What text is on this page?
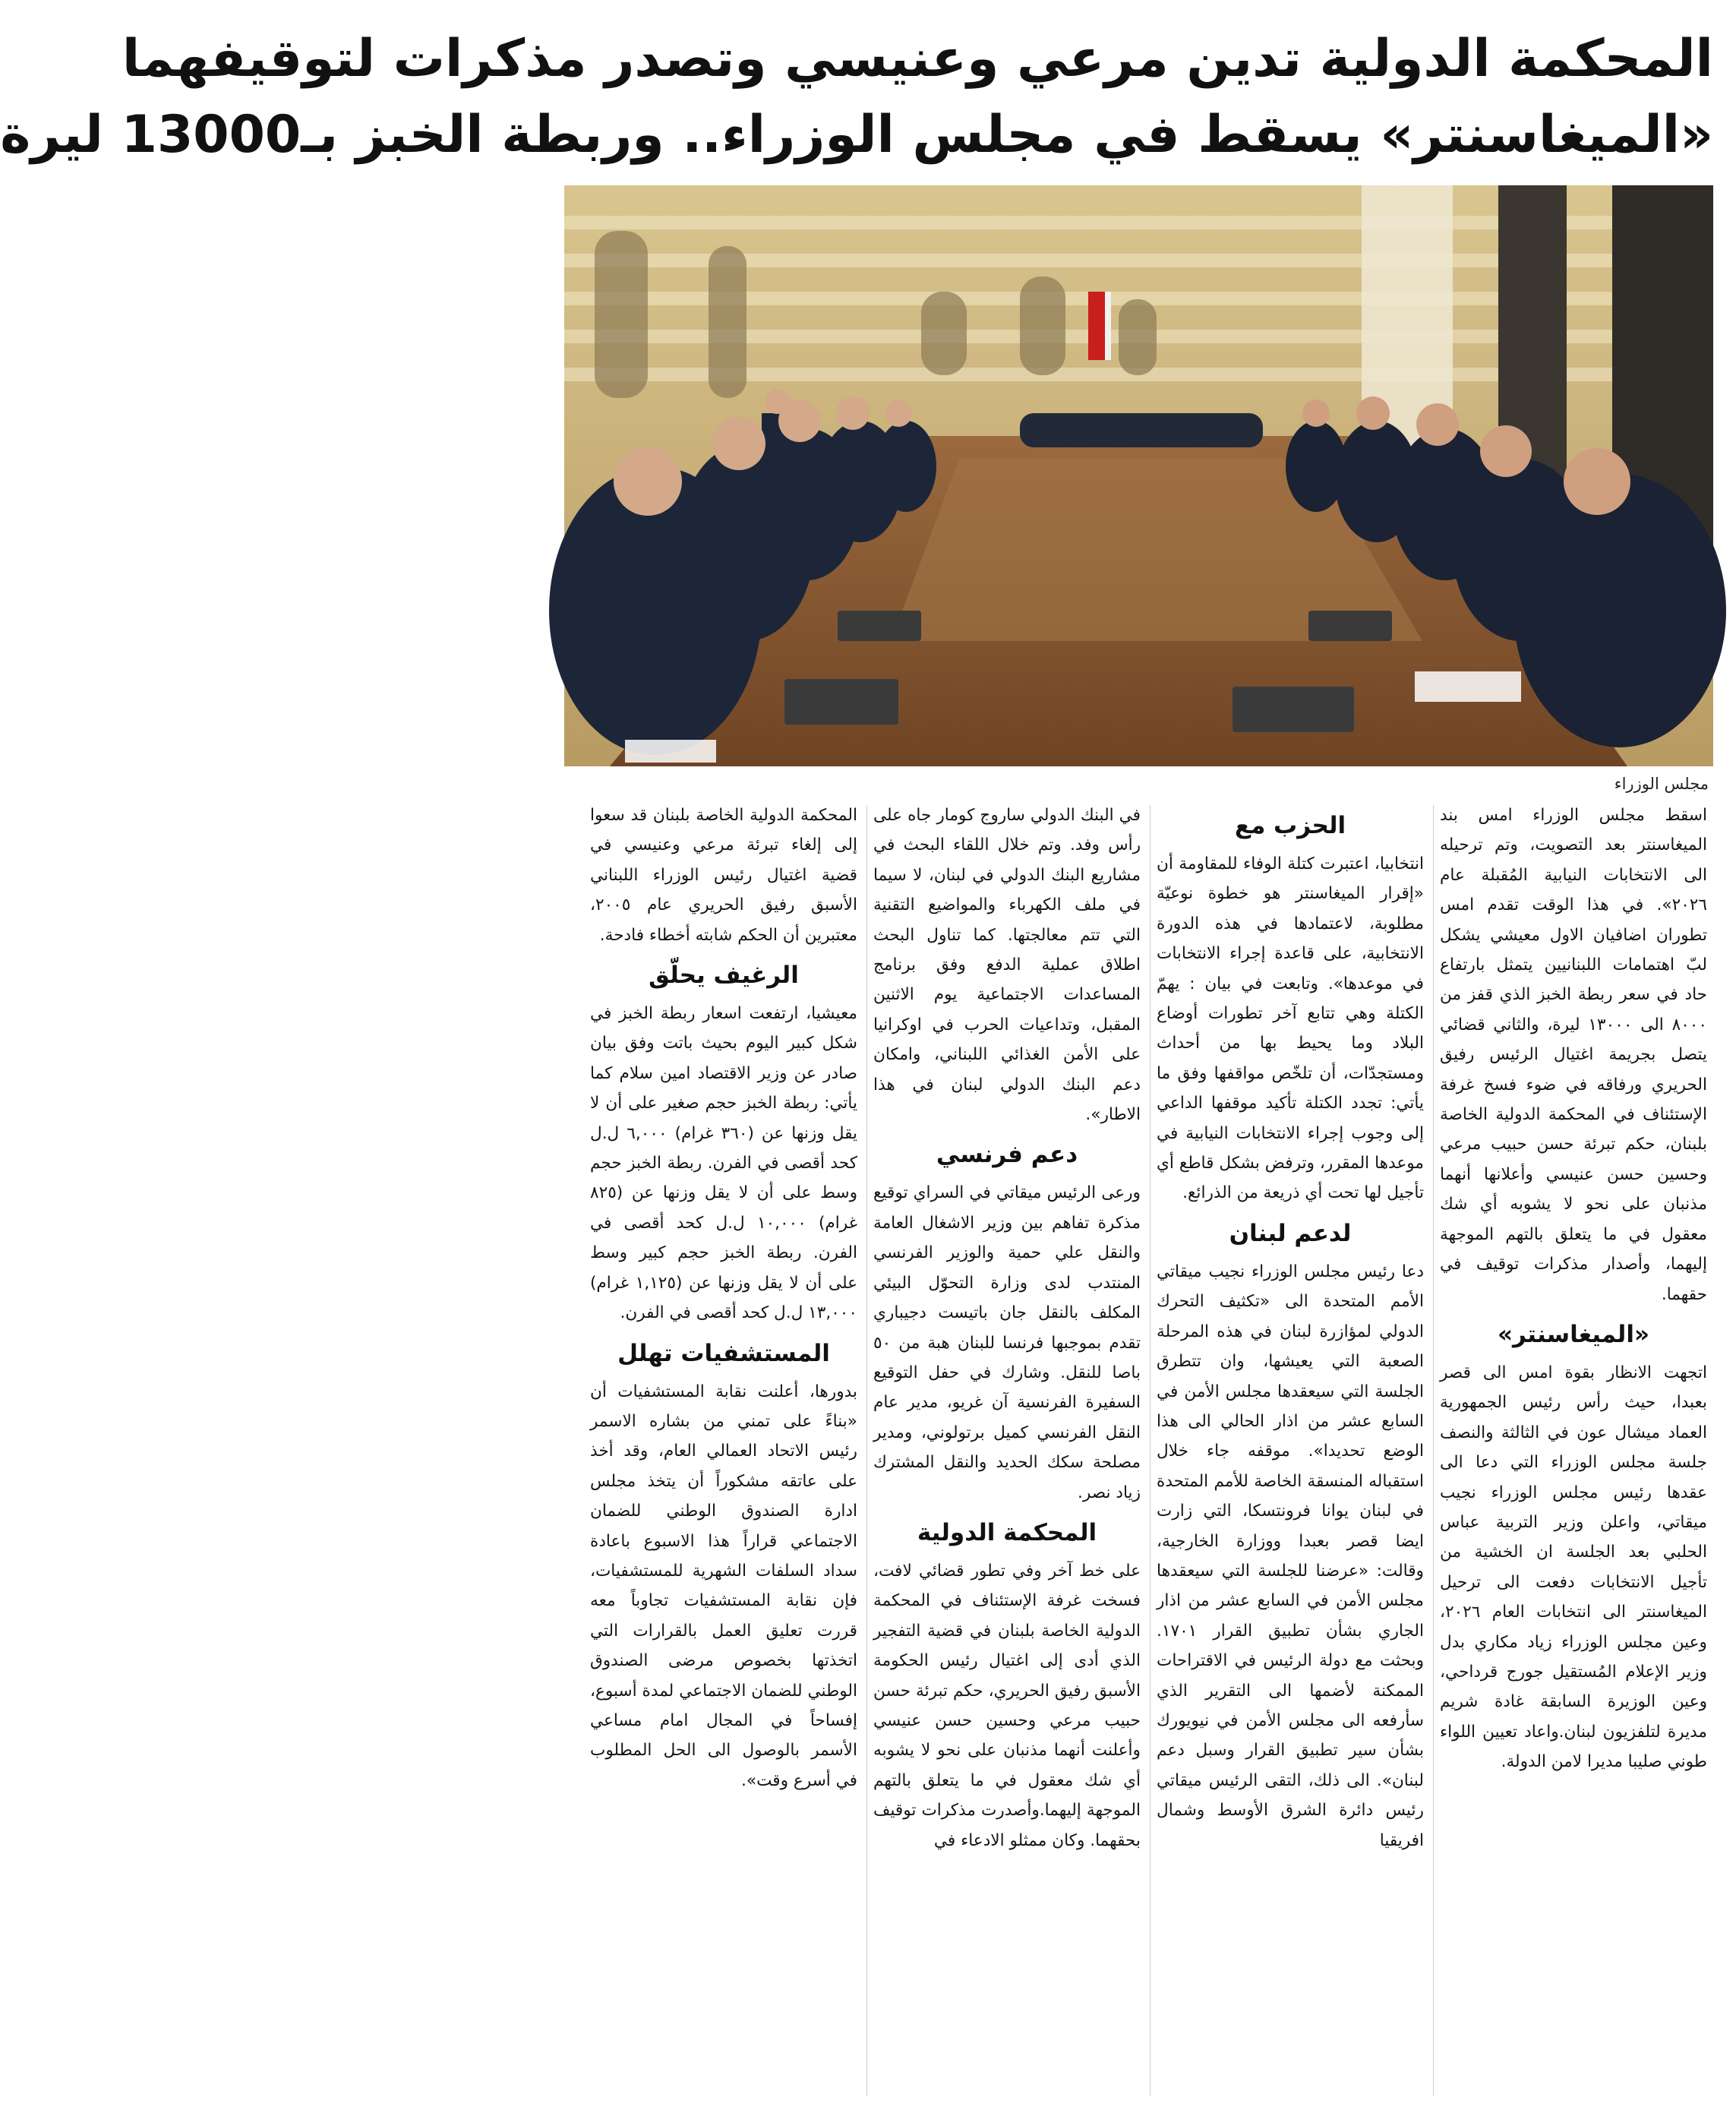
المحكمة الدولية تدين مرعي وعنيسي وتصدر مذكرات لتوقيفهما
«الميغاسنتر» يسقط في مجلس الوزراء.. وربطة الخبز بـ13000 ليرة
مجلس الوزراء

اسقط مجلس الوزراء امس بند الميغاسنتر بعد التصويت، وتم ترحيله الى الانتخابات النيابية المُقبلة عام ٢٠٢٦». في هذا الوقت تقدم امس تطوران اضافيان الاول معيشي يشكل لبّ اهتمامات اللبنانيين يتمثل بارتفاع حاد في سعر ربطة الخبز الذي قفز من ٨٠٠٠ الى ١٣٠٠٠ ليرة، والثاني قضائي يتصل بجريمة اغتيال الرئيس رفيق الحريري ورفاقه في ضوء فسخ غرفة الإستئناف في المحكمة الدولية الخاصة بلبنان، حكم تبرئة حسن حبيب مرعي وحسين حسن عنيسي وأعلانها أنهما مذنبان على نحو لا يشوبه أي شك معقول في ما يتعلق بالتهم الموجهة إليهما، وأصدار مذكرات توقيف في حقهما.

«الميغاسنتر»

اتجهت الانظار بقوة امس الى قصر بعبدا، حيث رأس رئيس الجمهورية العماد ميشال عون في الثالثة والنصف جلسة مجلس الوزراء التي دعا الى عقدها رئيس مجلس الوزراء نجيب ميقاتي، واعلن وزير التربية عباس الحلبي بعد الجلسة ان الخشية من تأجيل الانتخابات دفعت الى ترحيل الميغاسنتر الى انتخابات العام ٢٠٢٦، وعين مجلس الوزراء زياد مكاري بدل وزير الإعلام المُستقيل جورج قرداحي، وعين الوزيرة السابقة غادة شريم مديرة لتلفزيون لبنان.واعاد تعيين اللواء طوني صليبا مديرا لامن الدولة.

الحزب مع

انتخابيا، اعتبرت كتلة الوفاء للمقاومة أن «إقرار الميغاسنتر هو خطوة نوعيّة مطلوبة، لاعتمادها في هذه الدورة الانتخابية، على قاعدة إجراء الانتخابات في موعدها». وتابعت في بيان : يهمّ الكتلة وهي تتابع آخر تطورات أوضاع البلاد وما يحيط بها من أحداث ومستجدّات، أن تلخّص مواقفها وفق ما يأتي: تجدد الكتلة تأكيد موقفها الداعي إلى وجوب إجراء الانتخابات النيابية في موعدها المقرر، وترفض بشكل قاطع أي تأجيل لها تحت أي ذريعة من الذرائع.

لدعم لبنان

دعا رئيس مجلس الوزراء نجيب ميقاتي الأمم المتحدة الى «تكثيف التحرك الدولي لمؤازرة لبنان في هذه المرحلة الصعبة التي يعيشها، وان تتطرق الجلسة التي سيعقدها مجلس الأمن في السابع عشر من اذار الحالي الى هذا الوضع تحديدا». موقفه جاء خلال استقباله المنسقة الخاصة للأمم المتحدة في لبنان يوانا فرونتسكا، التي زارت ايضا قصر بعبدا ووزارة الخارجية، وقالت: «عرضنا للجلسة التي سيعقدها مجلس الأمن في السابع عشر من اذار الجاري بشأن تطبيق القرار ١٧٠١. وبحثت مع دولة الرئيس في الاقتراحات الممكنة لأضمها الى التقرير الذي سأرفعه الى مجلس الأمن في نيويورك بشأن سير تطبيق القرار وسبل دعم لبنان». الى ذلك، التقى الرئيس ميقاتي رئيس دائرة الشرق الأوسط وشمال افريقيا

في البنك الدولي ساروج كومار جاه على رأس وفد. وتم خلال اللقاء البحث في مشاريع البنك الدولي في لبنان، لا سيما في ملف الكهرباء والمواضيع التقنية التي تتم معالجتها. كما تناول البحث اطلاق عملية الدفع وفق برنامج المساعدات الاجتماعية يوم الاثنين المقبل، وتداعيات الحرب في اوكرانيا على الأمن الغذائي اللبناني، وامكان دعم البنك الدولي لبنان في هذا الاطار».

دعم فرنسي

ورعى الرئيس ميقاتي في السراي توقيع مذكرة تفاهم بين وزير الاشغال العامة والنقل علي حمية والوزير الفرنسي المنتدب لدى وزارة التحوّل البيئي المكلف بالنقل جان باتيست دجيباري تقدم بموجبها فرنسا للبنان هبة من ٥٠ باصا للنقل. وشارك في حفل التوقيع السفيرة الفرنسية آن غريو، مدير عام النقل الفرنسي كميل برتولوني، ومدير مصلحة سكك الحديد والنقل المشترك زياد نصر.

المحكمة الدولية

على خط آخر وفي تطور قضائي لافت، فسخت غرفة الإستئناف في المحكمة الدولية الخاصة بلبنان في قضية التفجير الذي أدى إلى اغتيال رئيس الحكومة الأسبق رفيق الحريري، حكم تبرئة حسن حبيب مرعي وحسين حسن عنيسي وأعلنت أنهما مذنبان على نحو لا يشوبه أي شك معقول في ما يتعلق بالتهم الموجهة إليهما.وأصدرت مذكرات توقيف بحقهما. وكان ممثلو الادعاء في

المحكمة الدولية الخاصة بلبنان قد سعوا إلى إلغاء تبرئة مرعي وعنيسي في قضية اغتيال رئيس الوزراء اللبناني الأسبق رفيق الحريري عام ٢٠٠٥، معتبرين أن الحكم شابته أخطاء فادحة.

الرغيف يحلّق

معيشيا، ارتفعت اسعار ربطة الخبز في شكل كبير اليوم بحيث باتت وفق بيان صادر عن وزير الاقتصاد امين سلام كما يأتي: ربطة الخبز حجم صغير على أن لا يقل وزنها عن (٣٦٠ غرام) ٦,٠٠٠ ل.ل كحد أقصى في الفرن. ربطة الخبز حجم وسط على أن لا يقل وزنها عن (٨٢٥ غرام) ١٠,٠٠٠ ل.ل كحد أقصى في الفرن. ربطة الخبز حجم كبير وسط على أن لا يقل وزنها عن (١,١٢٥ غرام) ١٣,٠٠٠ ل.ل كحد أقصى في الفرن.

المستشفيات تهلل

بدورها، أعلنت نقابة المستشفيات أن «بناءً على تمني من بشاره الاسمر رئيس الاتحاد العمالي العام، وقد أخذ على عاتقه مشكوراً أن يتخذ مجلس ادارة الصندوق الوطني للضمان الاجتماعي قراراً هذا الاسبوع باعادة سداد السلفات الشهرية للمستشفيات، فإن نقابة المستشفيات تجاوباً معه قررت تعليق العمل بالقرارات التي اتخذتها بخصوص مرضى الصندوق الوطني للضمان الاجتماعي لمدة أسبوع، إفساحاً في المجال امام مساعي الأسمر بالوصول الى الحل المطلوب في أسرع وقت».
